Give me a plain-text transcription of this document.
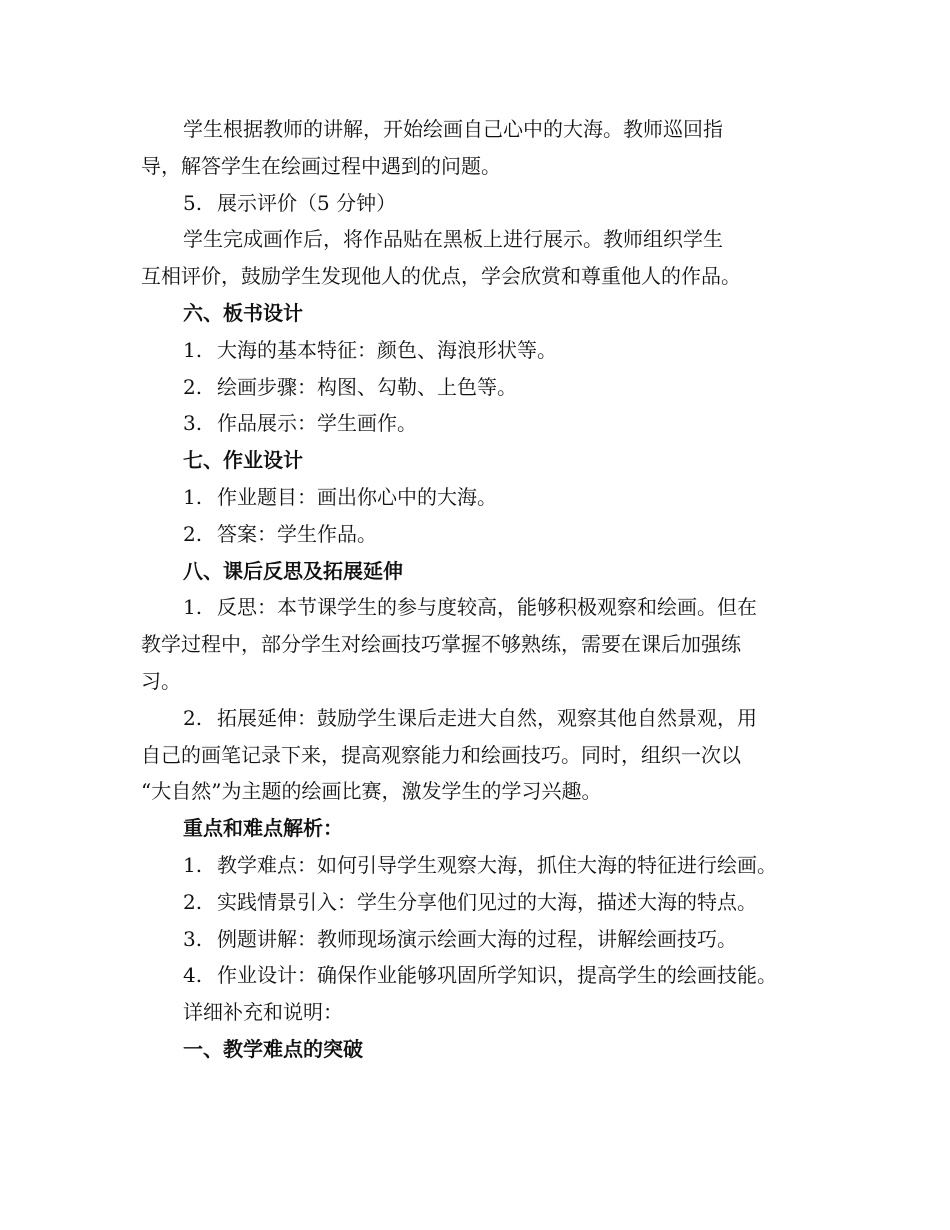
学生根据教师的讲解，开始绘画自己心中的大海。教师巡回指
导，解答学生在绘画过程中遇到的问题。
5. 展示评价（5 分钟）
学生完成画作后，将作品贴在黑板上进行展示。教师组织学生
互相评价，鼓励学生发现他人的优点，学会欣赏和尊重他人的作品。
六、板书设计
1. 大海的基本特征：颜色、海浪形状等。
2. 绘画步骤：构图、勾勒、上色等。
3. 作品展示：学生画作。
七、作业设计
1. 作业题目：画出你心中的大海。
2. 答案：学生作品。
八、课后反思及拓展延伸
1. 反思：本节课学生的参与度较高，能够积极观察和绘画。但在
教学过程中，部分学生对绘画技巧掌握不够熟练，需要在课后加强练
习。
2. 拓展延伸：鼓励学生课后走进大自然，观察其他自然景观，用
自己的画笔记录下来，提高观察能力和绘画技巧。同时，组织一次以
“大自然”为主题的绘画比赛，激发学生的学习兴趣。
重点和难点解析：
1. 教学难点：如何引导学生观察大海，抓住大海的特征进行绘画。
2. 实践情景引入：学生分享他们见过的大海，描述大海的特点。
3. 例题讲解：教师现场演示绘画大海的过程，讲解绘画技巧。
4. 作业设计：确保作业能够巩固所学知识，提高学生的绘画技能。
详细补充和说明：
一、教学难点的突破
